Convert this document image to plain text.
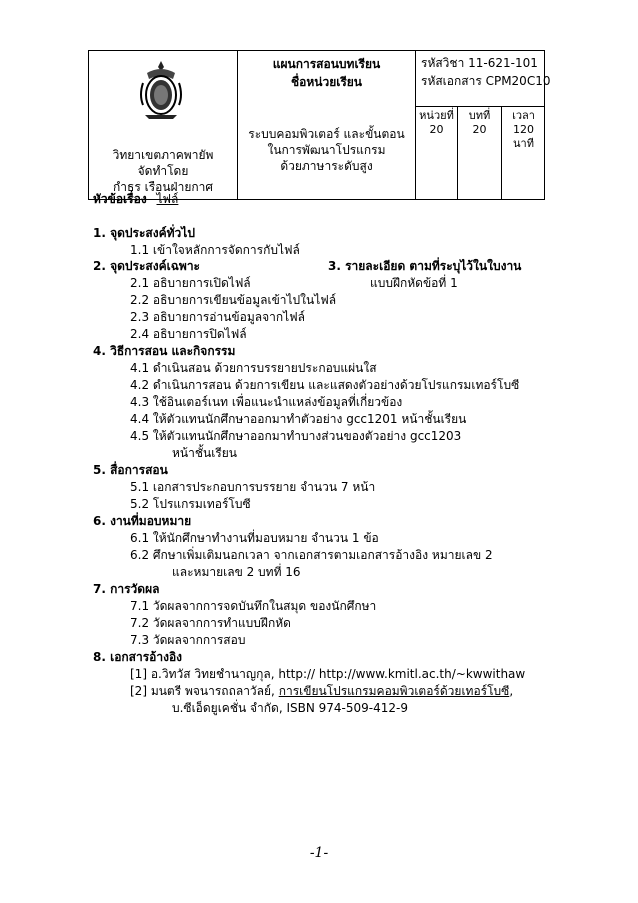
วิทยาเขตภาคพายัพ
จัดทำโดย
กำธร เรือนฝ่ายกาศ
แผนการสอนบทเรียน
ชื่อหน่วยเรียน
ระบบคอมพิวเตอร์ และขั้นตอน
ในการพัฒนาโปรแกรม
ด้วยภาษาระดับสูง
รหัสวิชา 11-621-101
รหัสเอกสาร CPM20C10
หน่วยที่
20
บทที่
20
เวลา
120
นาที
หัวข้อเรื่อง ไฟล์
1. จุดประสงค์ทั่วไป
1.1 เข้าใจหลักการจัดการกับไฟล์
2. จุดประสงค์เฉพาะ
2.1 อธิบายการเปิดไฟล์
2.2 อธิบายการเขียนข้อมูลเข้าไปในไฟล์
2.3 อธิบายการอ่านข้อมูลจากไฟล์
2.4 อธิบายการปิดไฟล์
3. รายละเอียด ตามที่ระบุไว้ในใบงาน
แบบฝึกหัดข้อที่ 1
4. วิธีการสอน และกิจกรรม
4.1 ดำเนินสอน ด้วยการบรรยายประกอบแผ่นใส
4.2 ดำเนินการสอน ด้วยการเขียน และแสดงตัวอย่างด้วยโปรแกรมเทอร์โบซี
4.3 ใช้อินเตอร์เนท เพื่อแนะนำแหล่งข้อมูลที่เกี่ยวข้อง
4.4 ให้ตัวแทนนักศึกษาออกมาทำตัวอย่าง gcc1201 หน้าชั้นเรียน
4.5 ให้ตัวแทนนักศึกษาออกมาทำบางส่วนของตัวอย่าง gcc1203
หน้าชั้นเรียน
5. สื่อการสอน
5.1 เอกสารประกอบการบรรยาย จำนวน 7 หน้า
5.2 โปรแกรมเทอร์โบซี
6. งานที่มอบหมาย
6.1 ให้นักศึกษาทำงานที่มอบหมาย จำนวน 1 ข้อ
6.2 ศึกษาเพิ่มเติมนอกเวลา จากเอกสารตามเอกสารอ้างอิง หมายเลข 2
และหมายเลข 2 บทที่ 16
7. การวัดผล
7.1 วัดผลจากการจดบันทึกในสมุด ของนักศึกษา
7.2 วัดผลจากการทำแบบฝึกหัด
7.3 วัดผลจากการสอบ
8. เอกสารอ้างอิง
[1] อ.วิทวัส วิทยชำนาญกุล, http:// http://www.kmitl.ac.th/~kwwithaw
[2] มนตรี พจนารถถลาวัลย์, การเขียนโปรแกรมคอมพิวเตอร์ด้วยเทอร์โบซี,
บ.ซีเอ็ดยูเคชั่น จำกัด, ISBN 974-509-412-9
-1-
